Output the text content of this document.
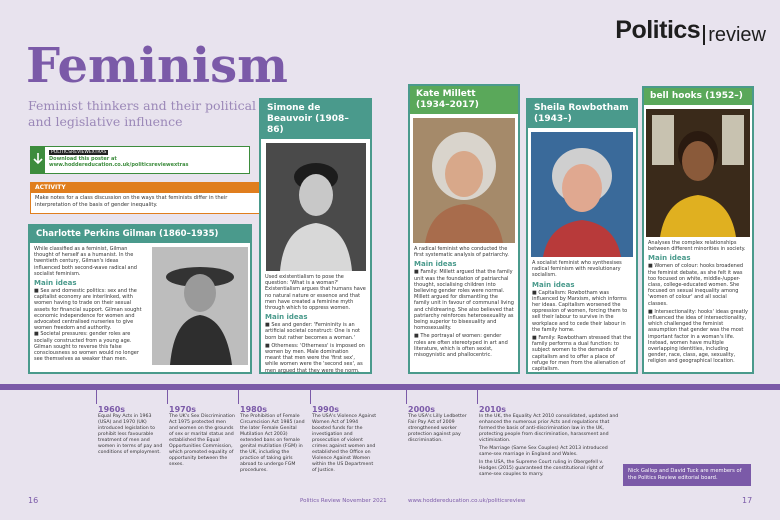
Politics review
Feminism

Feminist thinkers and their political and legislative influence

POLITICSREVIEWEXTRAS
Download this poster at
www.hoddereducation.co.uk/politicsreviewextras
ACTIVITY
Make notes for a class discussion on the ways that feminists differ in their interpretation of the basis of gender inequality.
Charlotte Perkins Gilman (1860–1935)
While classified as a feminist, Gilman thought of herself as a humanist. In the twentieth century, Gilman's ideas influenced both second-wave radical and socialist feminism.
Main ideas
■ Sex and domestic politics: sex and the capitalist economy are interlinked, with women having to trade on their sexual assets for financial support. Gilman sought economic independence for women and advocated centralised nurseries to give women freedom and authority.
■ Societal pressures: gender roles are socially constructed from a young age. Gilman sought to reverse this false consciousness so women would no longer see themselves as weaker than men.
Simone de Beauvoir (1908–86)
Used existentialism to pose the question: 'What is a woman?' Existentialism argues that humans have no natural nature or essence and that men have created a feminine myth through which to oppress women.
Main ideas
■ Sex and gender: 'Femininity is an artificial societal construct: One is not born but rather becomes a woman.'
■ Otherness: 'Otherness' is imposed on women by men. Male domination meant that men were the 'first sex', while women were the 'second sex', as men argued that they were the norm.
Kate Millett (1934–2017)
A radical feminist who conducted the first systematic analysis of patriarchy.
Main ideas
■ Family: Millett argued that the family unit was the foundation of patriarchal thought, socialising children into believing gender roles were normal. Millett argued for dismantling the family unit in favour of communal living and childrearing. She also believed that patriarchy reinforces heterosexuality as being superior to bisexuality and homosexuality.
■ The portrayal of women: gender roles are often stereotyped in art and literature, which is often sexist, misogynistic and phallocentric.
Sheila Rowbotham (1943–)
A socialist feminist who synthesises radical feminism with revolutionary socialism.
Main ideas
■ Capitalism: Rowbotham was influenced by Marxism, which informs her ideas. Capitalism worsened the oppression of women, forcing them to sell their labour to survive in the workplace and to cede their labour in the family home.
■ Family: Rowbotham stressed that the family performs a dual function: to subject women to the demands of capitalism and to offer a place of refuge for men from the alienation of capitalism.
bell hooks (1952–)
Analyses the complex relationships between different minorities in society.
Main ideas
■ Women of colour: hooks broadened the feminist debate, as she felt it was too focused on white, middle-/upper-class, college-educated women. She focused on sexual inequality among 'women of colour' and all social classes.
■ Intersectionality: hooks' ideas greatly influenced the idea of intersectionality, which challenged the feminist assumption that gender was the most important factor in a woman's life. Instead, women have multiple overlapping identities, including gender, race, class, age, sexuality, religion and geographical location.
1960s
Equal Pay Acts in 1963 (USA) and 1970 (UK) introduced legislation to prohibit less favourable treatment of men and women in terms of pay and conditions of employment.
1970s
The UK's Sex Discrimination Act 1975 protected men and women on the grounds of sex or marital status and established the Equal Opportunities Commission, which promoted equality of opportunity between the sexes.
1980s
The Prohibition of Female Circumcision Act 1985 (and the later Female Genital Mutilation Act 2003) extended bans on female genital mutilation (FGM) in the UK, including the practice of taking girls abroad to undergo FGM procedures.
1990s
The USA's Violence Against Women Act of 1994 boosted funds for the investigation and prosecution of violent crimes against women and established the Office on Violence Against Women within the US Department of Justice.
2000s
The USA's Lilly Ledbetter Fair Pay Act of 2009 strengthened worker protection against pay discrimination.
2010s
In the UK, the Equality Act 2010 consolidated, updated and enhanced the numerous prior Acts and regulations that formed the basis of anti-discrimination law in the UK, protecting people from discrimination, harassment and victimisation.
The Marriage (Same Sex Couples) Act 2013 introduced same-sex marriage in England and Wales.
In the USA, the Supreme Court ruling in Obergefell v. Hodges (2015) guaranteed the constitutional right of same-sex couples to marry.
Nick Gallop and David Tuck are members of
the Politics Review editorial board.
16	Politics Review November 2021	www.hoddereducation.co.uk/politicsreview	17
